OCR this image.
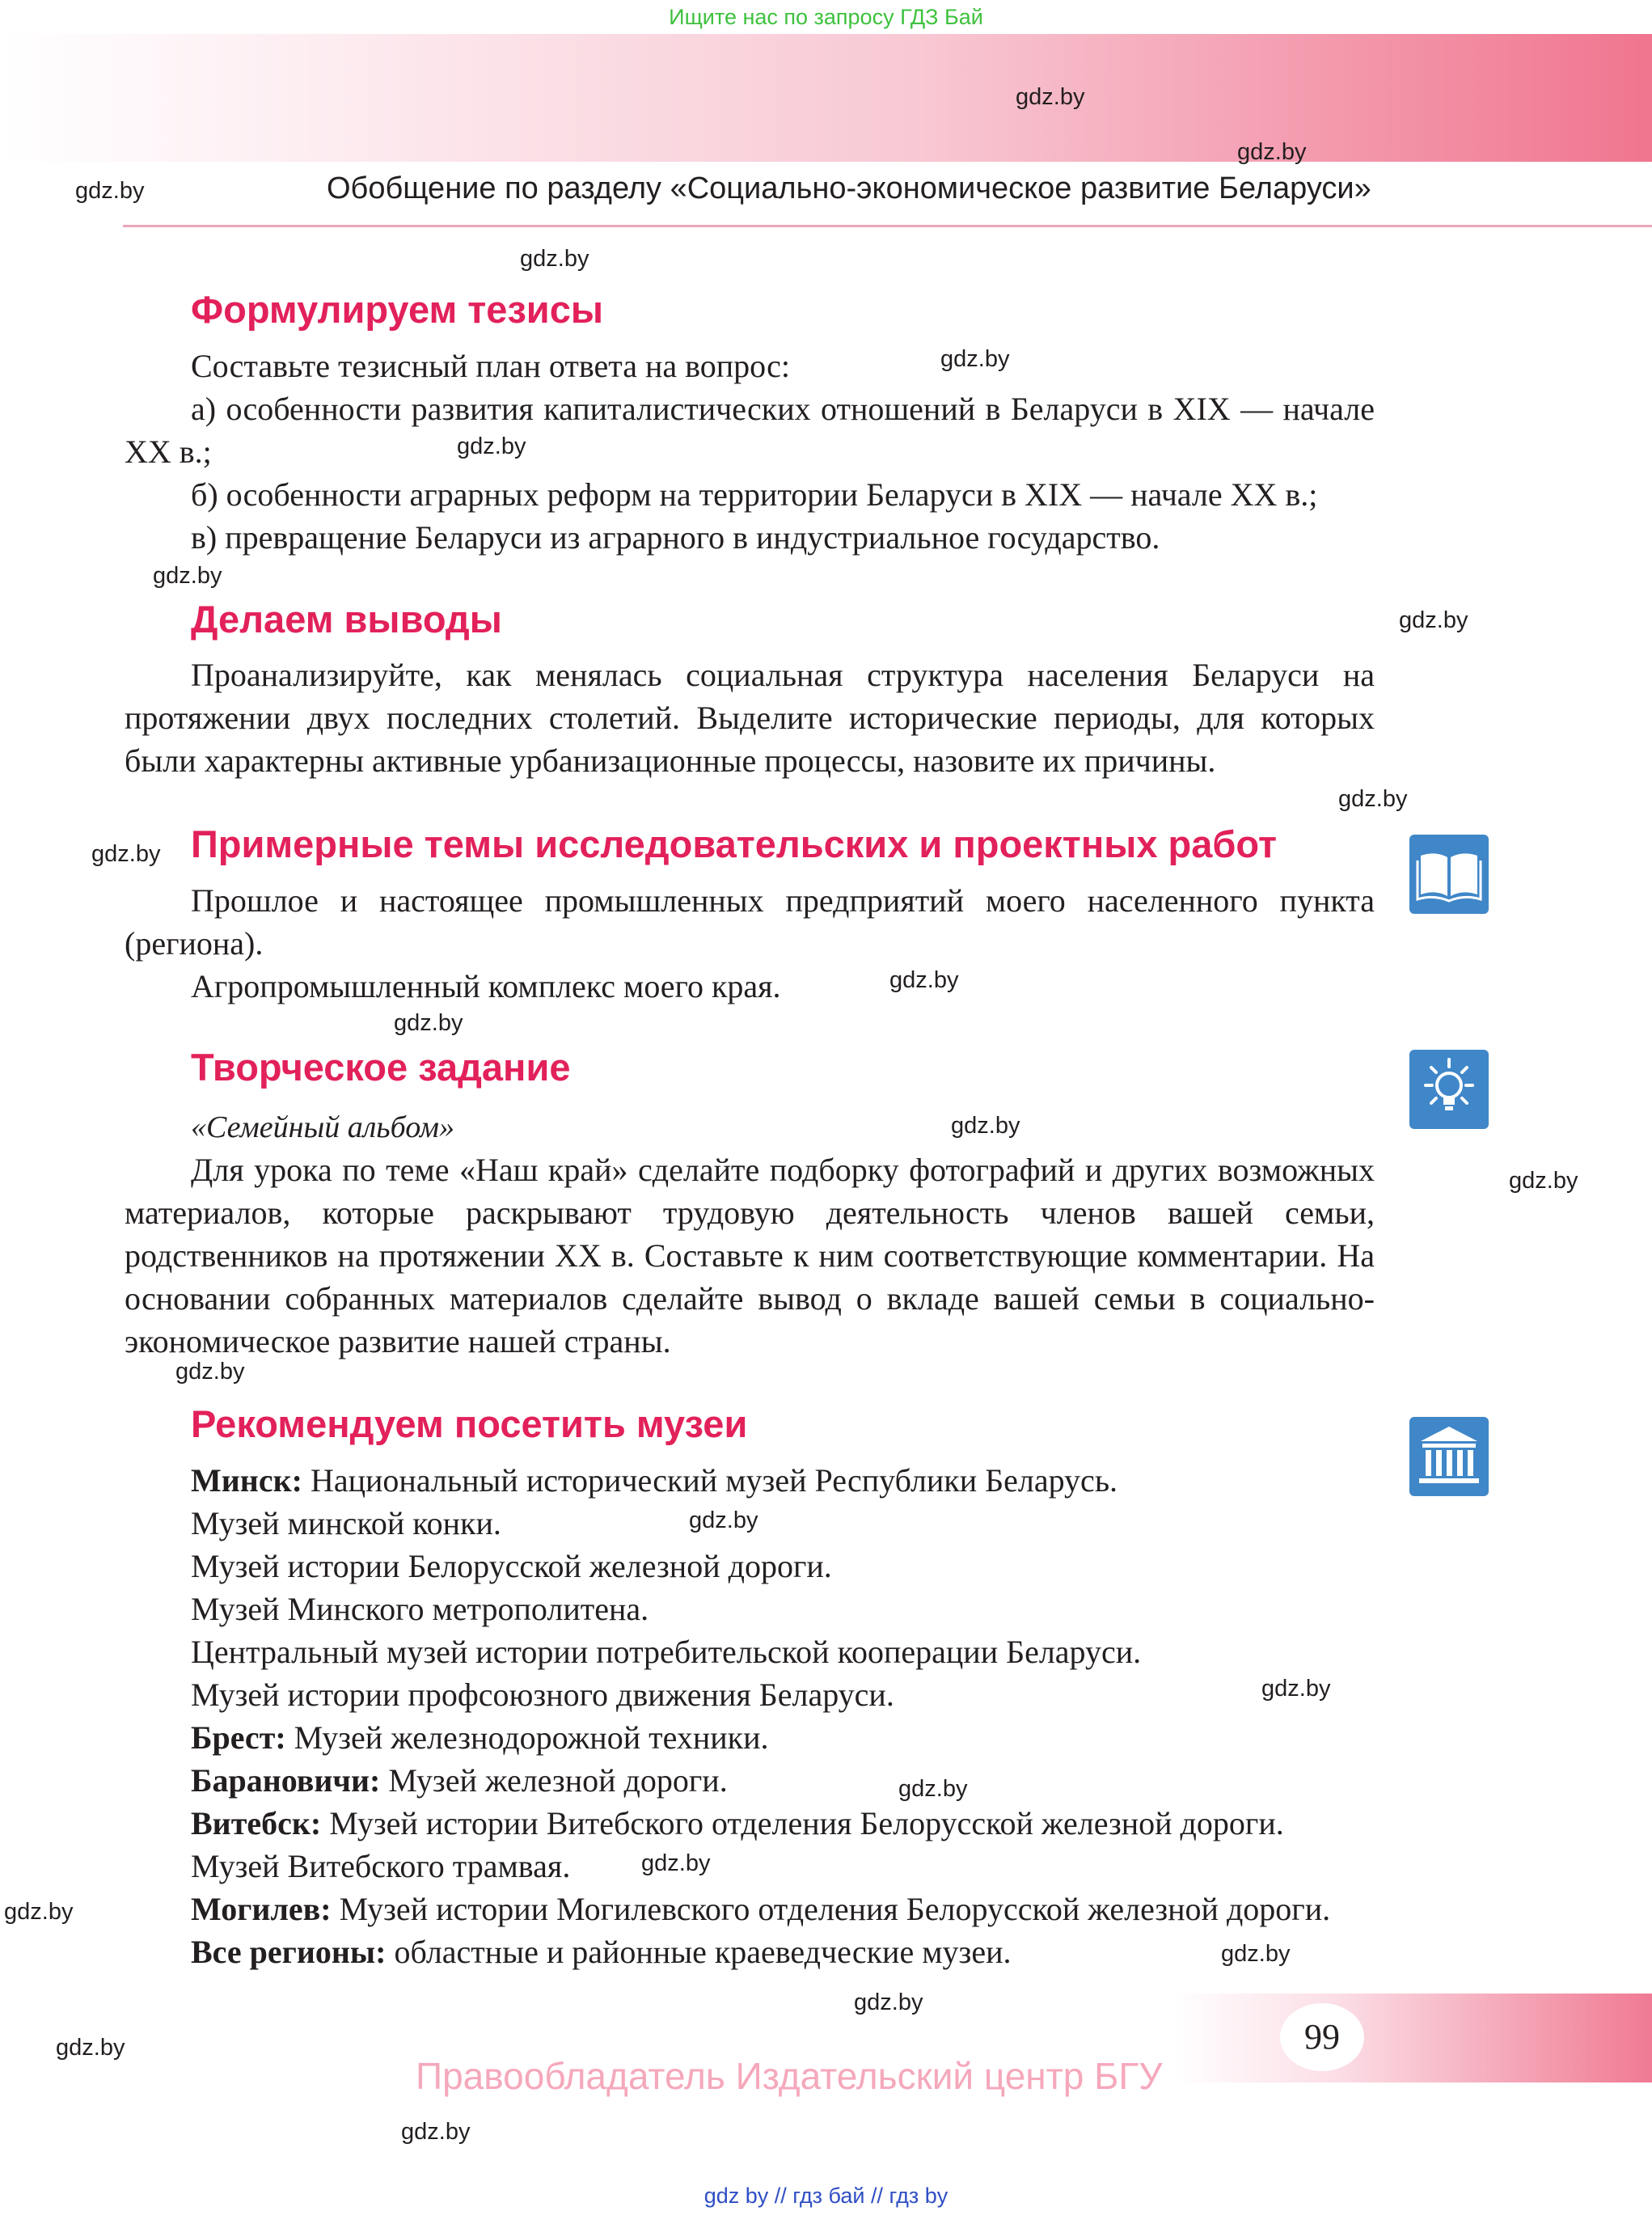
Ищите нас по запросу ГДЗ Бай
Обобщение по разделу «Социально-экономическое развитие Беларуси»
gdz.by
gdz.by
gdz.by
gdz.by
gdz.by
gdz.by
gdz.by
gdz.by
gdz.by
gdz.by
gdz.by
gdz.by
gdz.by
gdz.by
gdz.by
gdz.by
gdz.by
gdz.by
gdz.by
gdz.by
gdz.by
gdz.by
gdz.by
gdz.by
Формулируем тезисы

Составьте тезисный план ответа на вопрос:

а) особенности развития капиталистических отношений в Беларуси в XIX — начале XX в.;

б) особенности аграрных реформ на территории Беларуси в XIX — начале XX в.;

в) превращение Беларуси из аграрного в индустриальное государство.

Делаем выводы

Проанализируйте, как менялась социальная структура населения Беларуси на протяжении двух последних столетий. Выделите исторические периоды, для которых были характерны активные урбанизационные процессы, назовите их причины.

Примерные темы исследовательских и проектных работ

Прошлое и настоящее промышленных предприятий моего населенного пункта (региона).

Агропромышленный комплекс моего края.

Творческое задание
«Семейный альбом»

Для урока по теме «Наш край» сделайте подборку фотографий и других возможных материалов, которые раскрывают трудовую деятельность членов вашей семьи, родственников на протяжении XX в. Составьте к ним соответствующие комментарии. На основании собранных материалов сделайте вывод о вкладе вашей семьи в социально-экономическое развитие нашей страны.

Рекомендуем посетить музеи
Минск: Национальный исторический музей Республики Беларусь.
Музей минской конки.
Музей истории Белорусской железной дороги.
Музей Минского метрополитена.
Центральный музей истории потребительской кооперации Беларуси.
Музей истории профсоюзного движения Беларуси.
Брест: Музей железнодорожной техники.
Барановичи: Музей железной дороги.
Витебск: Музей истории Витебского отделения Белорусской железной дороги.
Музей Витебского трамвая.
Могилев: Музей истории Могилевского отделения Белорусской железной дороги.
Все регионы: областные и районные краеведческие музеи.
99
Правообладатель Издательский центр БГУ
gdz by // гдз бай // гдз by
